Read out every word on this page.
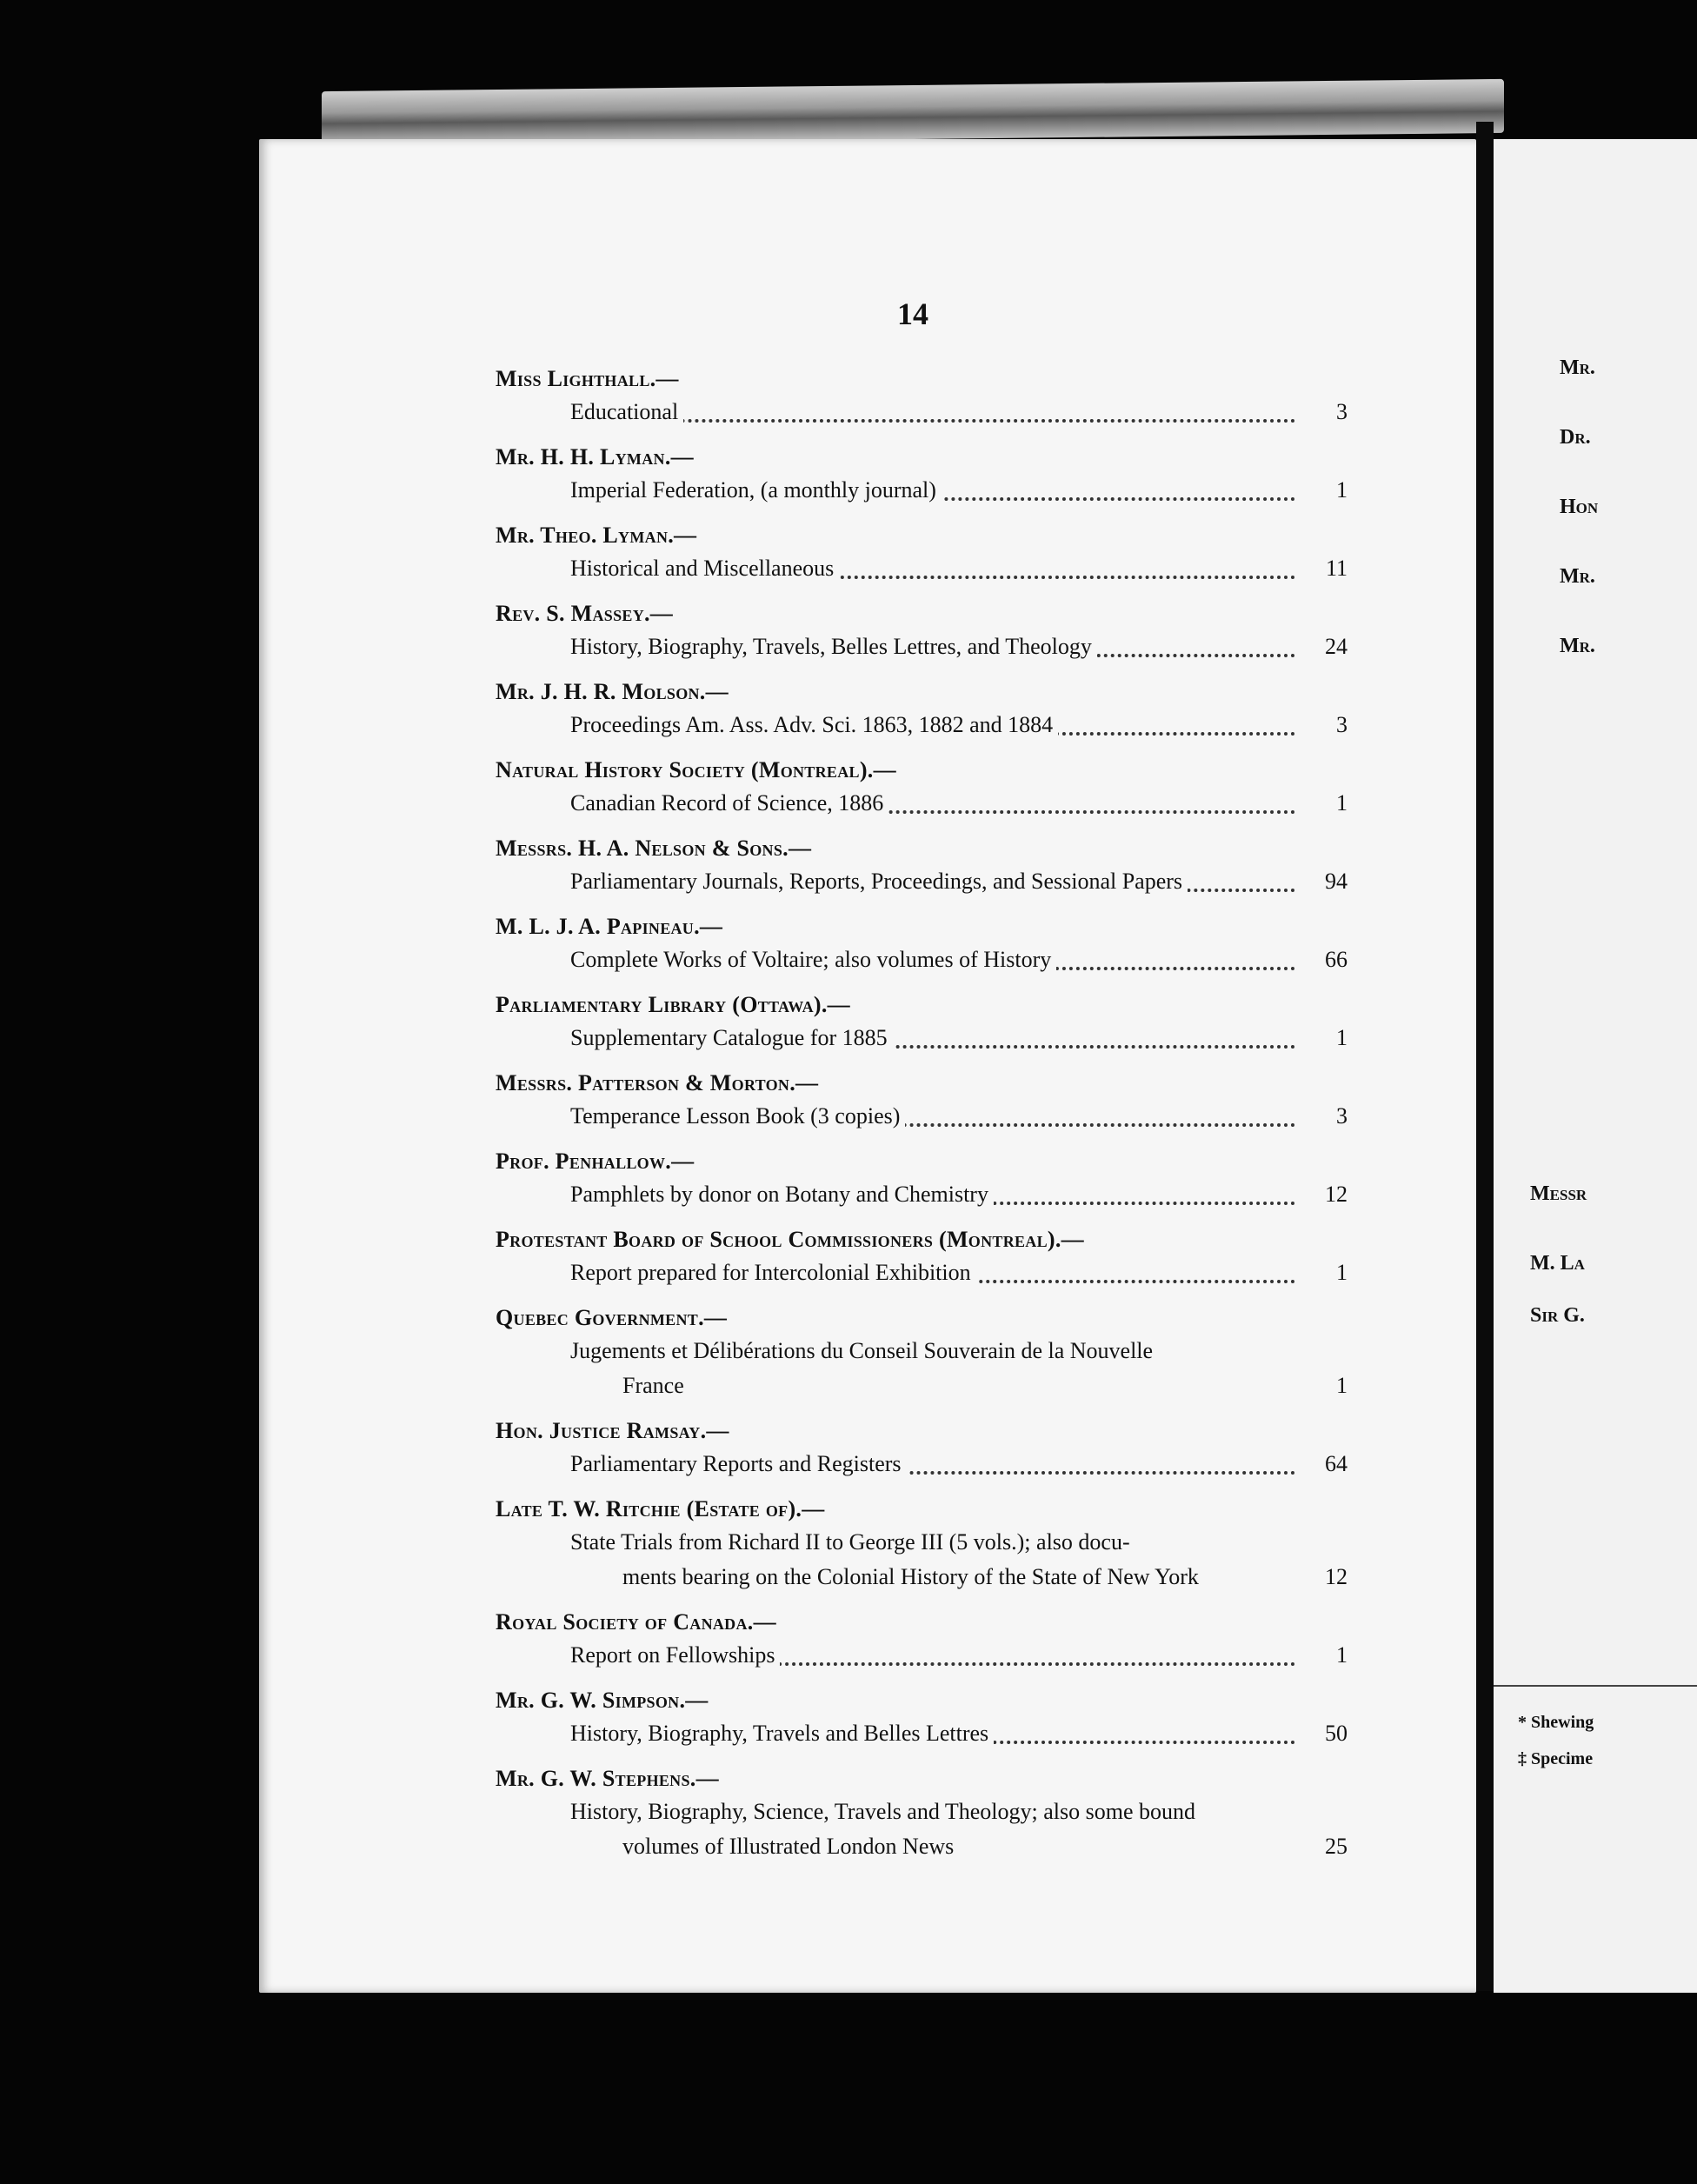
Mr.
Dr.
Hon
Mr.
Mr.
Messr
M. La
Sir G.
* Shewing
‡ Specime
14
Miss Lighthall.—
Educational	3
Mr. H. H. Lyman.—
Imperial Federation, (a monthly journal)	1
Mr. Theo. Lyman.—
Historical and Miscellaneous	11
Rev. S. Massey.—
History, Biography, Travels, Belles Lettres, and Theology	24
Mr. J. H. R. Molson.—
Proceedings Am. Ass. Adv. Sci. 1863, 1882 and 1884	3
Natural History Society (Montreal).—
Canadian Record of Science, 1886	1
Messrs. H. A. Nelson & Sons.—
Parliamentary Journals, Reports, Proceedings, and Sessional Papers	94
M. L. J. A. Papineau.—
Complete Works of Voltaire; also volumes of History	66
Parliamentary Library (Ottawa).—
Supplementary Catalogue for 1885	1
Messrs. Patterson & Morton.—
Temperance Lesson Book (3 copies)	3
Prof. Penhallow.—
Pamphlets by donor on Botany and Chemistry	12
Protestant Board of School Commissioners (Montreal).—
Report prepared for Intercolonial Exhibition	1
Quebec Government.—
Jugements et Délibérations du Conseil Souverain de la Nouvelle
France	1
Hon. Justice Ramsay.—
Parliamentary Reports and Registers	64
Late T. W. Ritchie (Estate of).—
State Trials from Richard II to George III (5 vols.); also docu-
ments bearing on the Colonial History of the State of New York	12
Royal Society of Canada.—
Report on Fellowships	1
Mr. G. W. Simpson.—
History, Biography, Travels and Belles Lettres	50
Mr. G. W. Stephens.—
History, Biography, Science, Travels and Theology; also some bound
volumes of Illustrated London News	25
